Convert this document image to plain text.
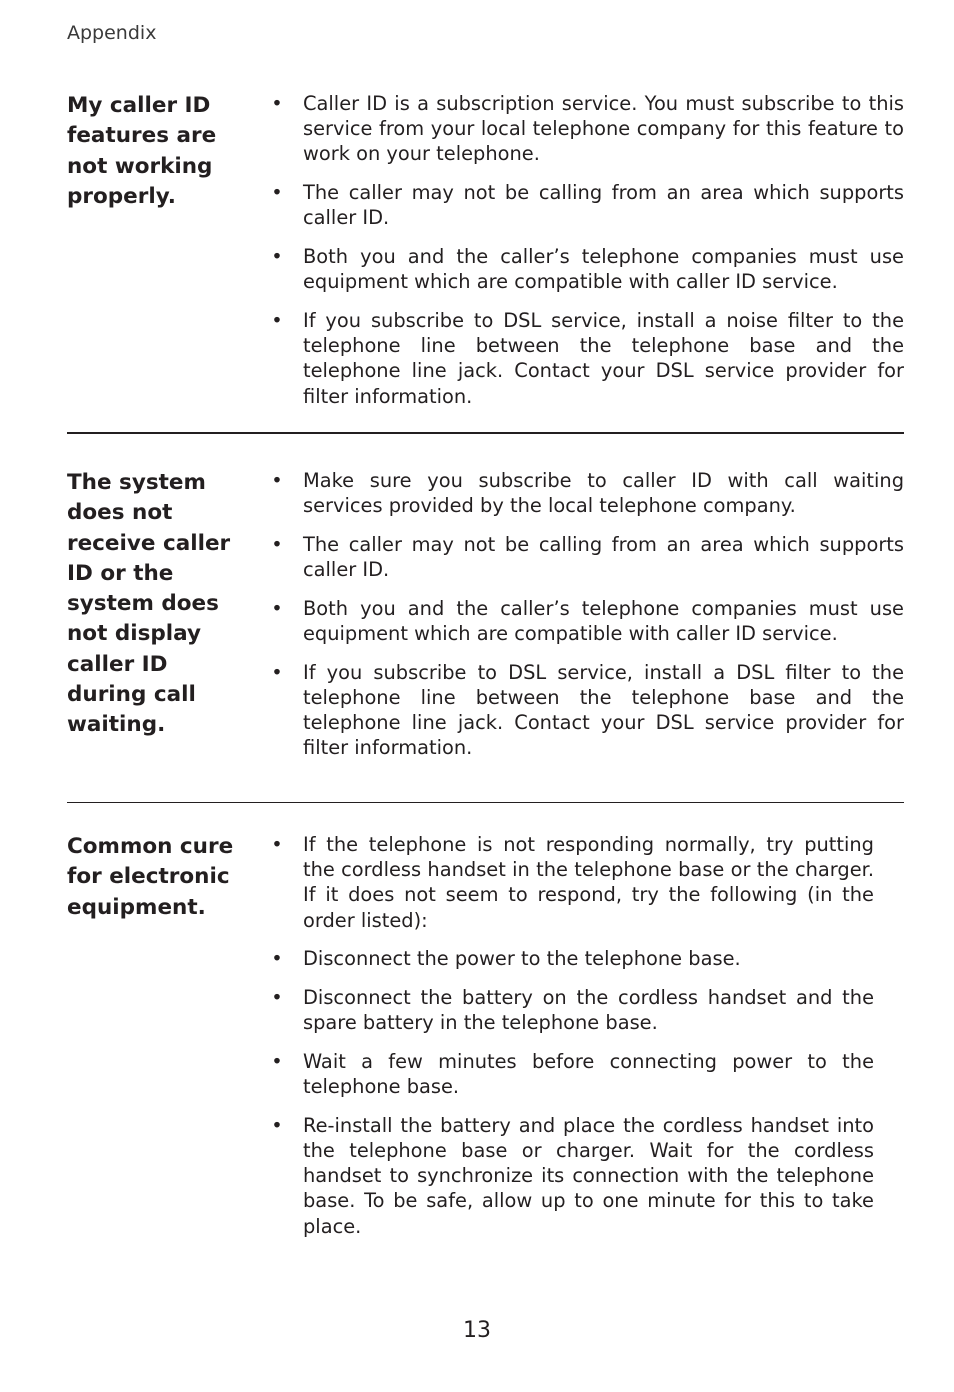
Appendix
My caller ID features are not working properly.
• Caller ID is a subscription service. You must subscribe to this service from your local telephone company for this feature to work on your telephone.
• The caller may not be calling from an area which supports caller ID.
• Both you and the caller’s telephone companies must use equipment which are compatible with caller ID service.
• If you subscribe to DSL service, install a noise filter to the telephone line between the telephone base and the telephone line jack. Contact your DSL service provider for filter information.
The system does not receive caller ID or the system does not display caller ID during call waiting.
• Make sure you subscribe to caller ID with call waiting services provided by the local telephone company.
• The caller may not be calling from an area which supports caller ID.
• Both you and the caller’s telephone companies must use equipment which are compatible with caller ID service.
• If you subscribe to DSL service, install a DSL filter to the telephone line between the telephone base and the telephone line jack. Contact your DSL service provider for filter information.
Common cure for electronic equipment.
• If the telephone is not responding normally, try putting the cordless handset in the telephone base or the charger. If it does not seem to respond, try the following (in the order listed):
• Disconnect the power to the telephone base.
• Disconnect the battery on the cordless handset and the spare battery in the telephone base.
• Wait a few minutes before connecting power to the telephone base.
• Re-install the battery and place the cordless handset into the telephone base or charger. Wait for the cordless handset to synchronize its connection with the telephone base. To be safe, allow up to one minute for this to take place.
13
